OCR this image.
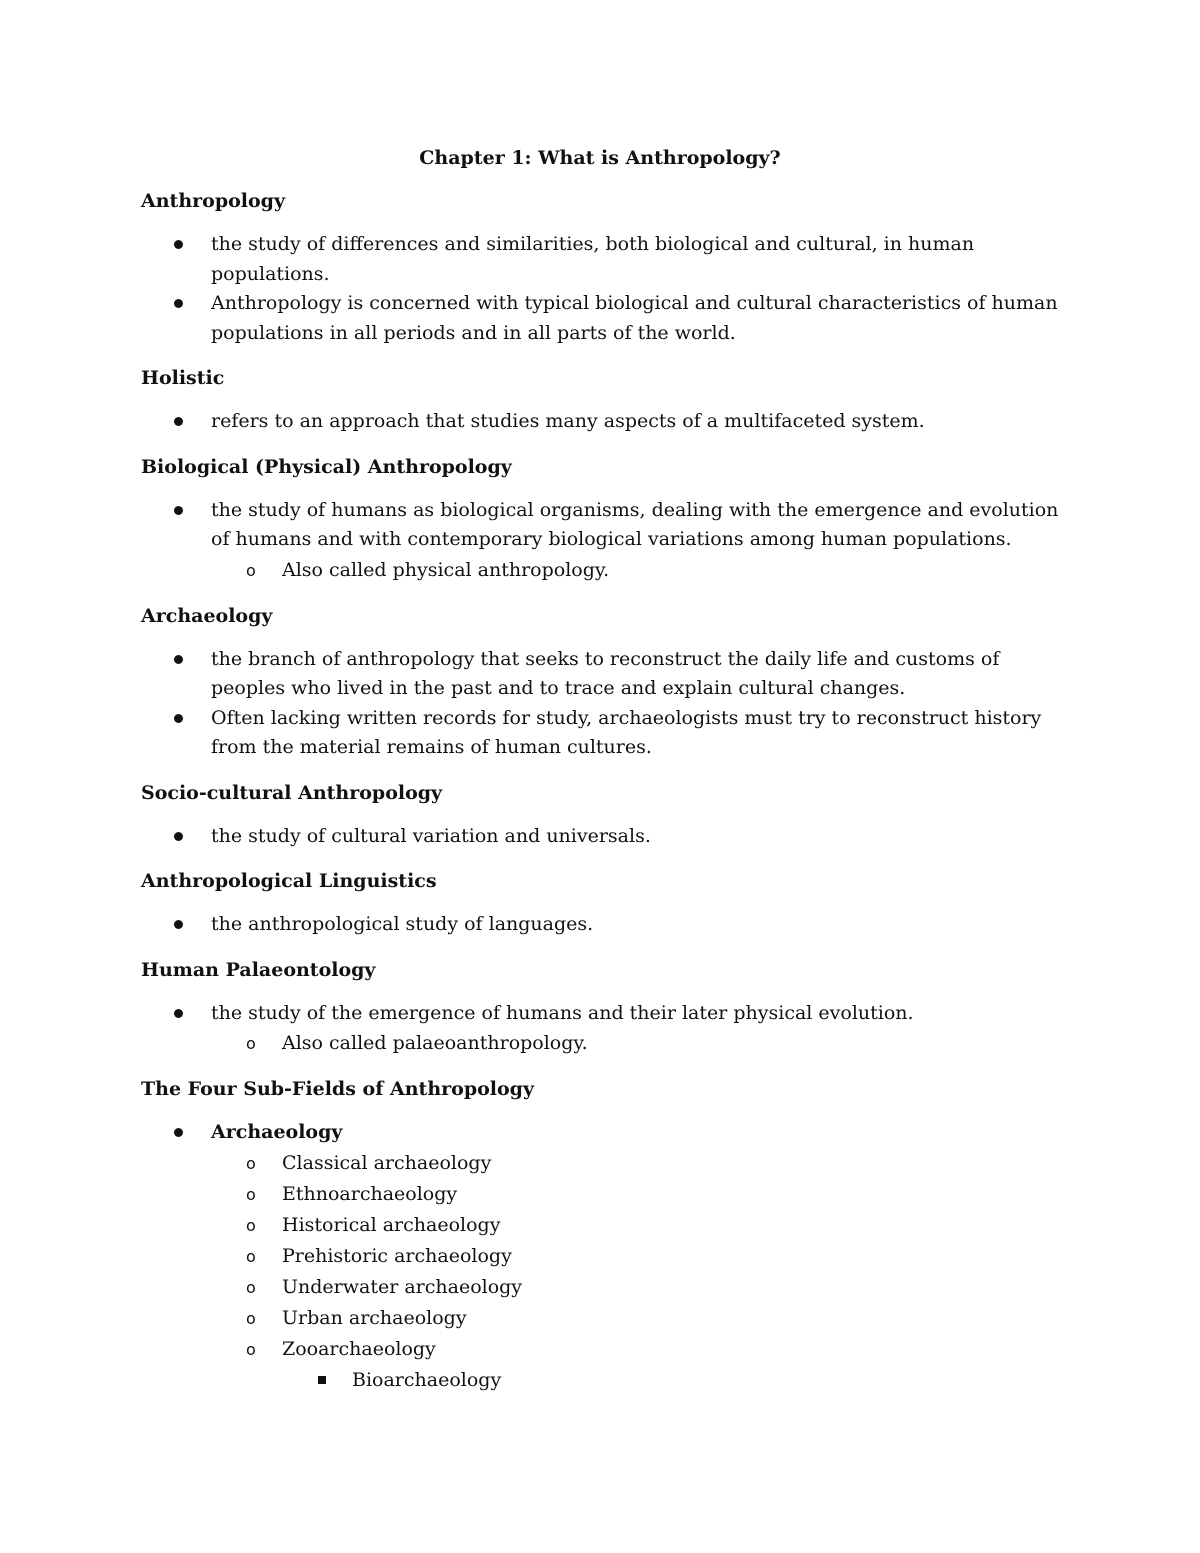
Chapter 1: What is Anthropology?

Anthropology

the study of differences and similarities, both biological and cultural, in human populations.
Anthropology is concerned with typical biological and cultural characteristics of human populations in all periods and in all parts of the world.

Holistic

refers to an approach that studies many aspects of a multifaceted system.

Biological (Physical) Anthropology

the study of humans as biological organisms, dealing with the emergence and evolution of humans and with contemporary biological variations among human populations.
o Also called physical anthropology.

Archaeology

the branch of anthropology that seeks to reconstruct the daily life and customs of peoples who lived in the past and to trace and explain cultural changes.
Often lacking written records for study, archaeologists must try to reconstruct history from the material remains of human cultures.

Socio-cultural Anthropology

the study of cultural variation and universals.

Anthropological Linguistics

the anthropological study of languages.

Human Palaeontology

the study of the emergence of humans and their later physical evolution.
o Also called palaeoanthropology.

The Four Sub-Fields of Anthropology

Archaeology
o Classical archaeology
o Ethnoarchaeology
o Historical archaeology
o Prehistoric archaeology
o Underwater archaeology
o Urban archaeology
o Zooarchaeology
Bioarchaeology
